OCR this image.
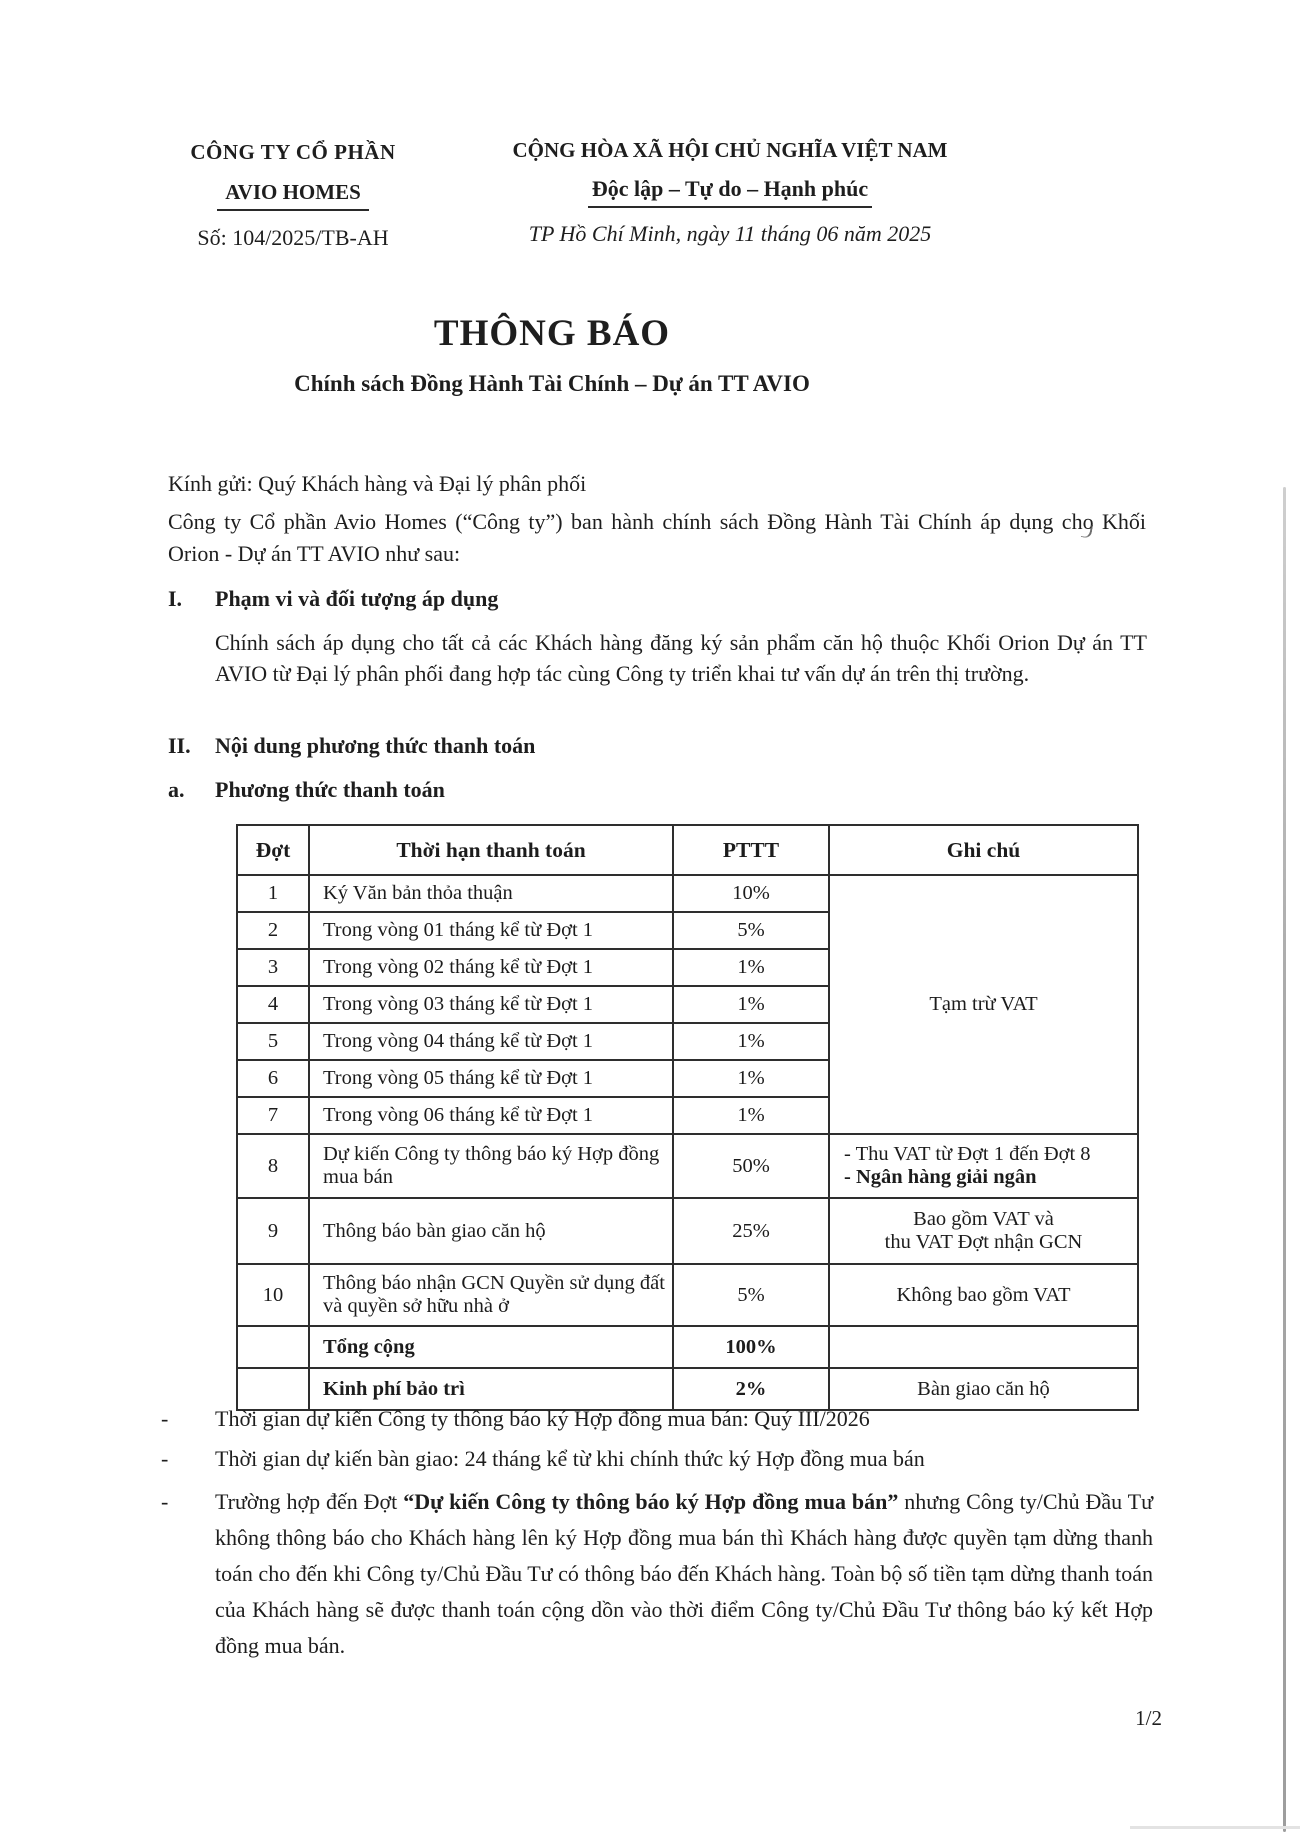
CÔNG TY CỔ PHẦN
AVIO HOMES
Số: 104/2025/TB-AH
CỘNG HÒA XÃ HỘI CHỦ NGHĨA VIỆT NAM
Độc lập – Tự do – Hạnh phúc
TP Hồ Chí Minh, ngày 11 tháng 06 năm 2025
THÔNG BÁO
Chính sách Đồng Hành Tài Chính – Dự án TT AVIO
Kính gửi: Quý Khách hàng và Đại lý phân phối
Công ty Cổ phần Avio Homes (“Công ty”) ban hành chính sách Đồng Hành Tài Chính áp dụng cho Khối Orion - Dự án TT AVIO như sau:
I.	Phạm vi và đối tượng áp dụng
Chính sách áp dụng cho tất cả các Khách hàng đăng ký sản phẩm căn hộ thuộc Khối Orion Dự án TT AVIO từ Đại lý phân phối đang hợp tác cùng Công ty triển khai tư vấn dự án trên thị trường.
II.	Nội dung phương thức thanh toán
a.	Phương thức thanh toán
Đợt	Thời hạn thanh toán	PTTT	Ghi chú
1	Ký Văn bản thỏa thuận	10%	Tạm trừ VAT
2	Trong vòng 01 tháng kể từ Đợt 1	5%	
3	Trong vòng 02 tháng kể từ Đợt 1	1%	
4	Trong vòng 03 tháng kể từ Đợt 1	1%	
5	Trong vòng 04 tháng kể từ Đợt 1	1%	
6	Trong vòng 05 tháng kể từ Đợt 1	1%	
7	Trong vòng 06 tháng kể từ Đợt 1	1%	
8	Dự kiến Công ty thông báo ký Hợp đồng mua bán	50%	- Thu VAT từ Đợt 1 đến Đợt 8
- Ngân hàng giải ngân

9	Thông báo bàn giao căn hộ	25%	Bao gồm VAT và
thu VAT Đợt nhận GCN

10	Thông báo nhận GCN Quyền sử dụng đất và quyền sở hữu nhà ở	5%	Không bao gồm VAT
	Tổng cộng	100%	
	Kinh phí bảo trì	2%	Bàn giao căn hộ
-	Thời gian dự kiến Công ty thông báo ký Hợp đồng mua bán: Quý III/2026
-	Thời gian dự kiến bàn giao: 24 tháng kể từ khi chính thức ký Hợp đồng mua bán
-	Trường hợp đến Đợt “Dự kiến Công ty thông báo ký Hợp đồng mua bán” nhưng Công ty/Chủ Đầu Tư không thông báo cho Khách hàng lên ký Hợp đồng mua bán thì Khách hàng được quyền tạm dừng thanh toán cho đến khi Công ty/Chủ Đầu Tư có thông báo đến Khách hàng. Toàn bộ số tiền tạm dừng thanh toán của Khách hàng sẽ được thanh toán cộng dồn vào thời điểm Công ty/Chủ Đầu Tư thông báo ký kết Hợp đồng mua bán.
1/2
